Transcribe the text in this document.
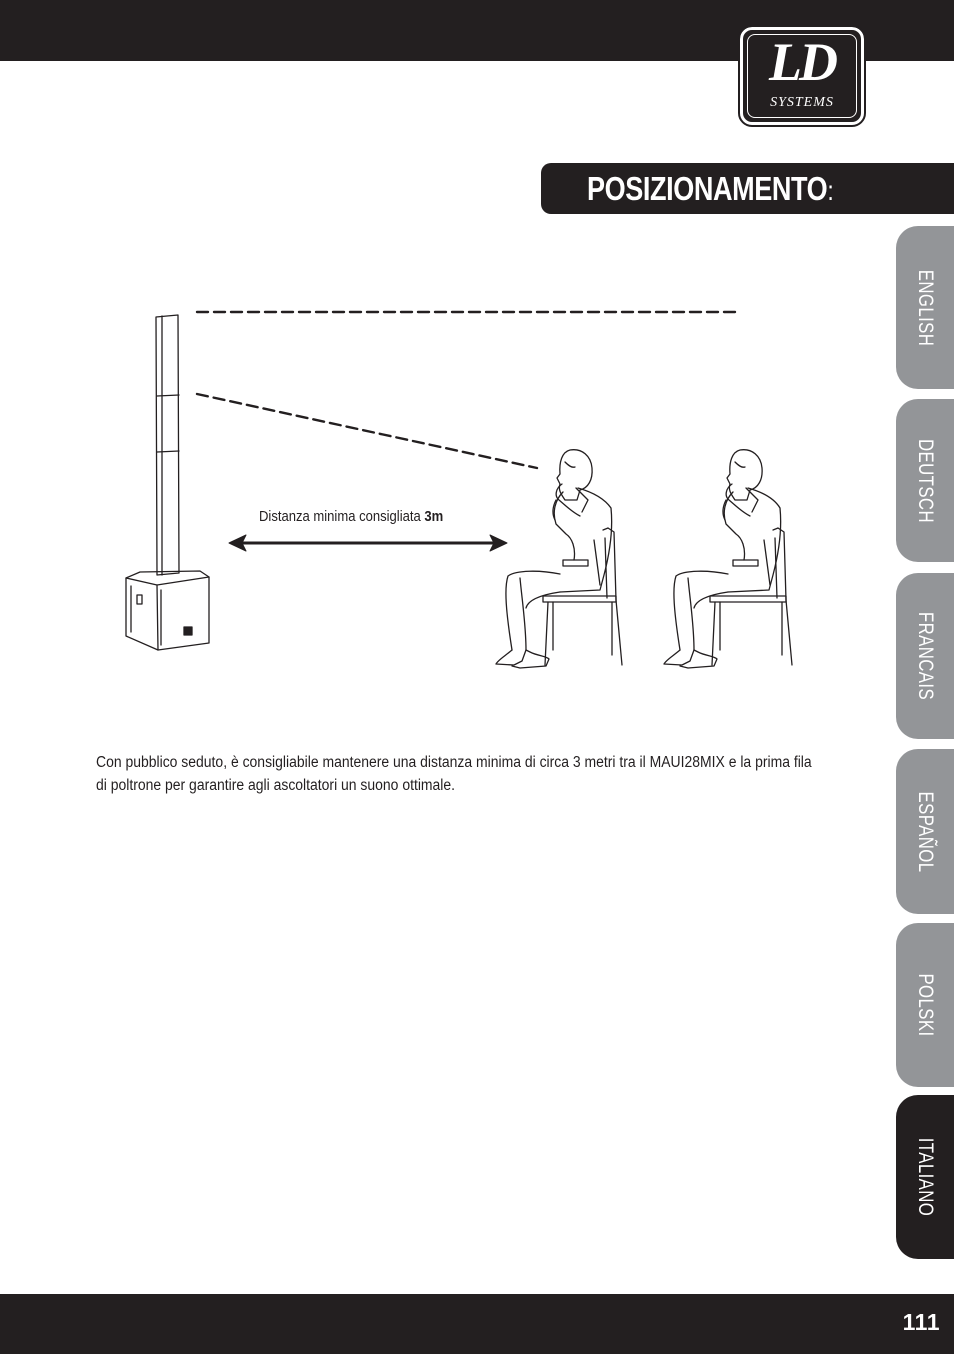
LD
SYSTEMS
POSIZIONAMENTO:
ENGLISH
DEUTSCH
FRANCAIS
ESPAÑOL
POLSKI
ITALIANO
Distanza minima consigliata 3m
Con pubblico seduto, è consigliabile mantenere una distanza minima di circa 3 metri tra il MAUI28MIX e la prima fila di poltrone per garantire agli ascoltatori un suono ottimale.
111
